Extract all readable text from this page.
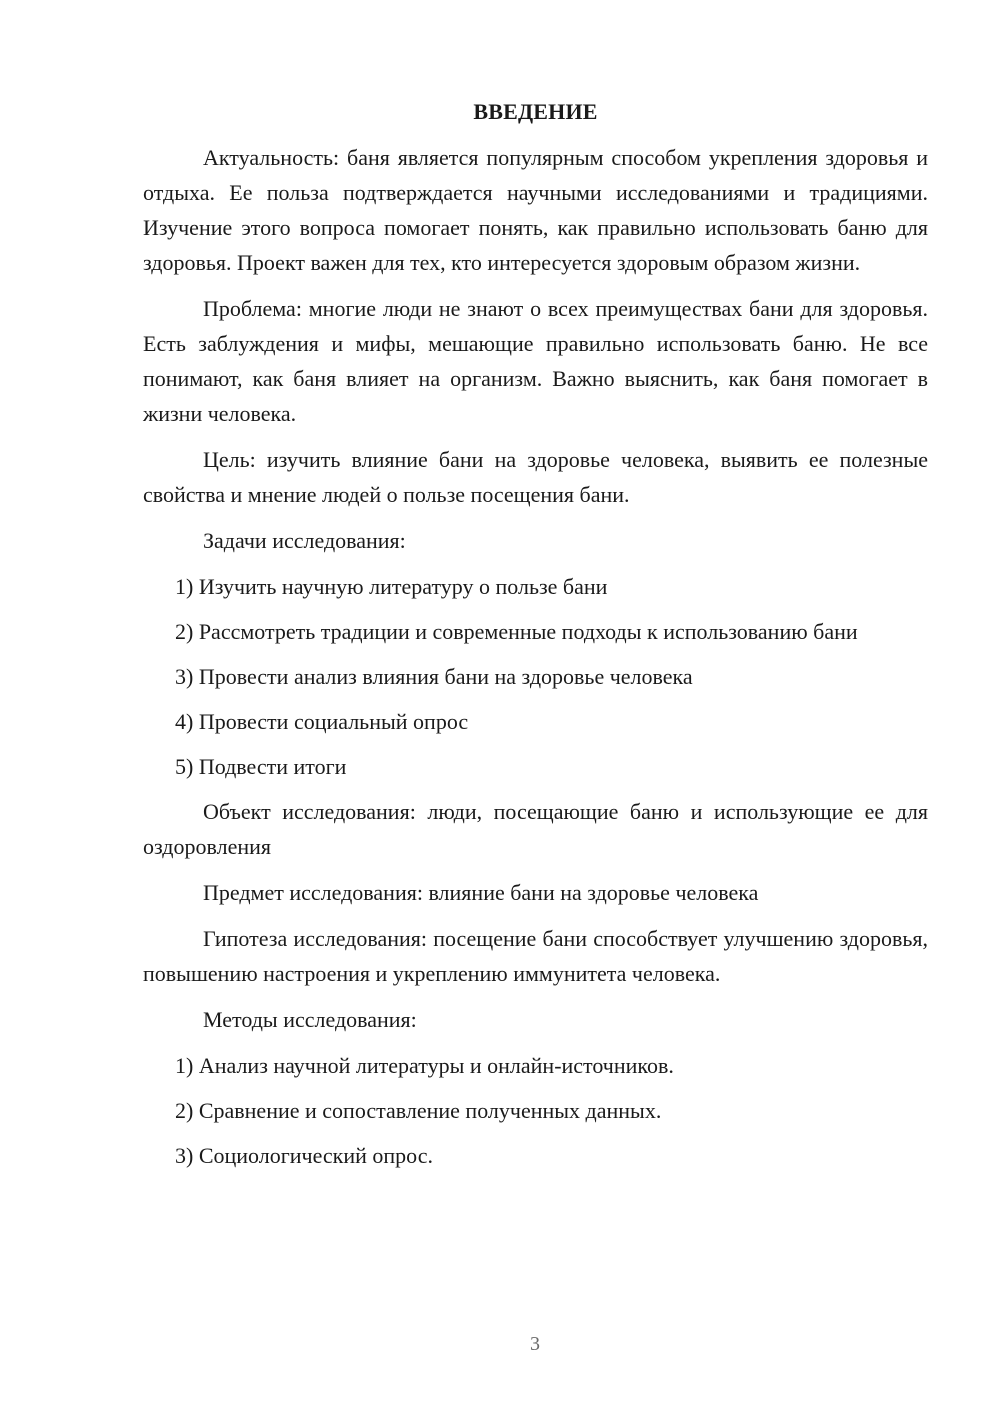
ВВЕДЕНИЕ

Актуальность: баня является популярным способом укрепления здоровья и отдыха. Ее польза подтверждается научными исследованиями и традициями. Изучение этого вопроса помогает понять, как правильно использовать баню для здоровья. Проект важен для тех, кто интересуется здоровым образом жизни.

Проблема: многие люди не знают о всех преимуществах бани для здоровья. Есть заблуждения и мифы, мешающие правильно использовать баню. Не все понимают, как баня влияет на организм. Важно выяснить, как баня помогает в жизни человека.

Цель: изучить влияние бани на здоровье человека, выявить ее полезные свойства и мнение людей о пользе посещения бани.

Задачи исследования:

1) Изучить научную литературу о пользе бани

2) Рассмотреть традиции и современные подходы к использованию бани

3) Провести анализ влияния бани на здоровье человека

4) Провести социальный опрос

5) Подвести итоги

Объект исследования: люди, посещающие баню и использующие ее для оздоровления

Предмет исследования: влияние бани на здоровье человека

Гипотеза исследования: посещение бани способствует улучшению здоровья, повышению настроения и укреплению иммунитета человека.

Методы исследования:

1) Анализ научной литературы и онлайн-источников.

2) Сравнение и сопоставление полученных данных.

3) Социологический опрос.

3
